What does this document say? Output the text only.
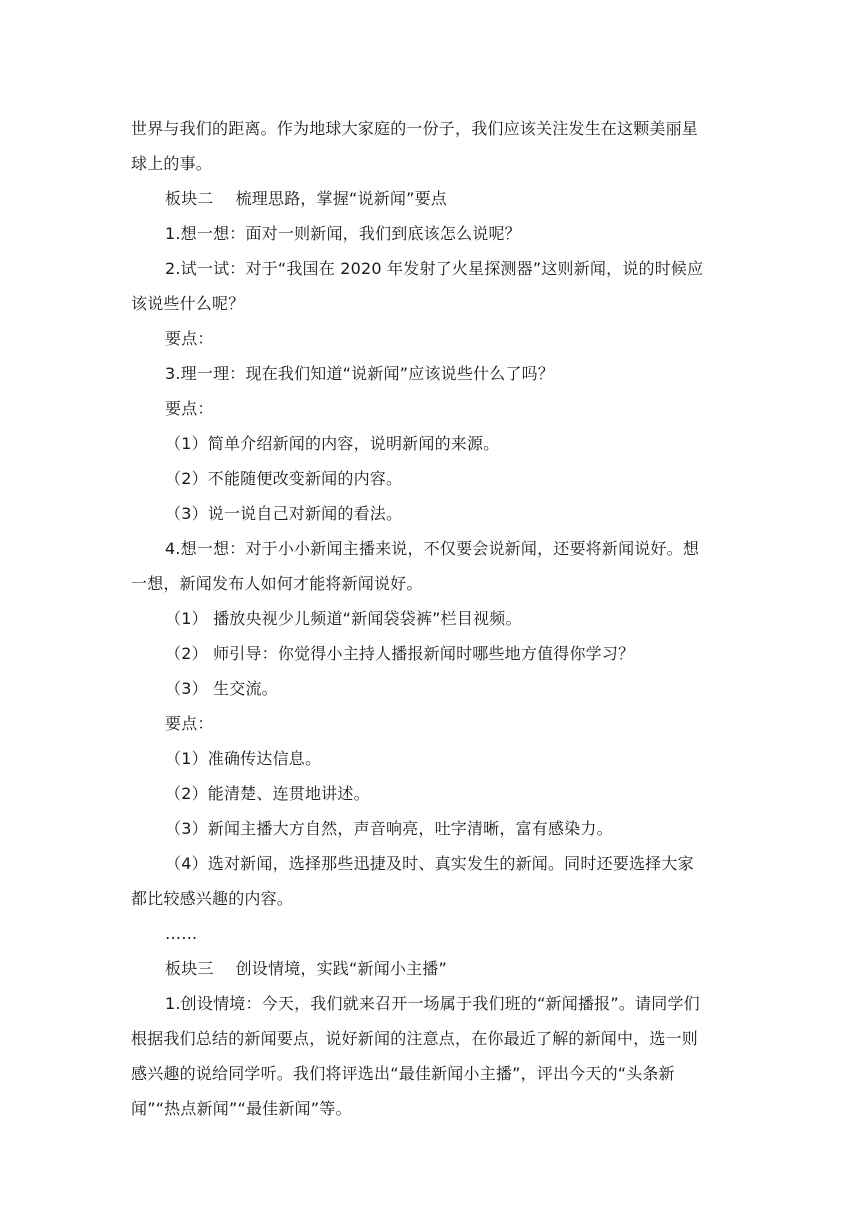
世界与我们的距离。作为地球大家庭的一份子，我们应该关注发生在这颗美丽星
球上的事。
板块二 梳理思路，掌握“说新闻”要点
1.想一想：面对一则新闻，我们到底该怎么说呢？
2.试一试：对于“我国在 2020 年发射了火星探测器”这则新闻，说的时候应
该说些什么呢？
要点：
3.理一理：现在我们知道“说新闻”应该说些什么了吗？
要点：
（1）简单介绍新闻的内容，说明新闻的来源。
（2）不能随便改变新闻的内容。
（3）说一说自己对新闻的看法。
4.想一想：对于小小新闻主播来说，不仅要会说新闻，还要将新闻说好。想
一想，新闻发布人如何才能将新闻说好。
（1） 播放央视少儿频道“新闻袋袋裤”栏目视频。
（2） 师引导：你觉得小主持人播报新闻时哪些地方值得你学习？
（3） 生交流。
要点：
（1）准确传达信息。
（2）能清楚、连贯地讲述。
（3）新闻主播大方自然，声音响亮，吐字清晰，富有感染力。
（4）选对新闻，选择那些迅捷及时、真实发生的新闻。同时还要选择大家
都比较感兴趣的内容。
……
板块三 创设情境，实践“新闻小主播”
1.创设情境：今天，我们就来召开一场属于我们班的“新闻播报”。请同学们
根据我们总结的新闻要点，说好新闻的注意点，在你最近了解的新闻中，选一则
感兴趣的说给同学听。我们将评选出“最佳新闻小主播”，评出今天的“头条新
闻”“热点新闻”“最佳新闻”等。
